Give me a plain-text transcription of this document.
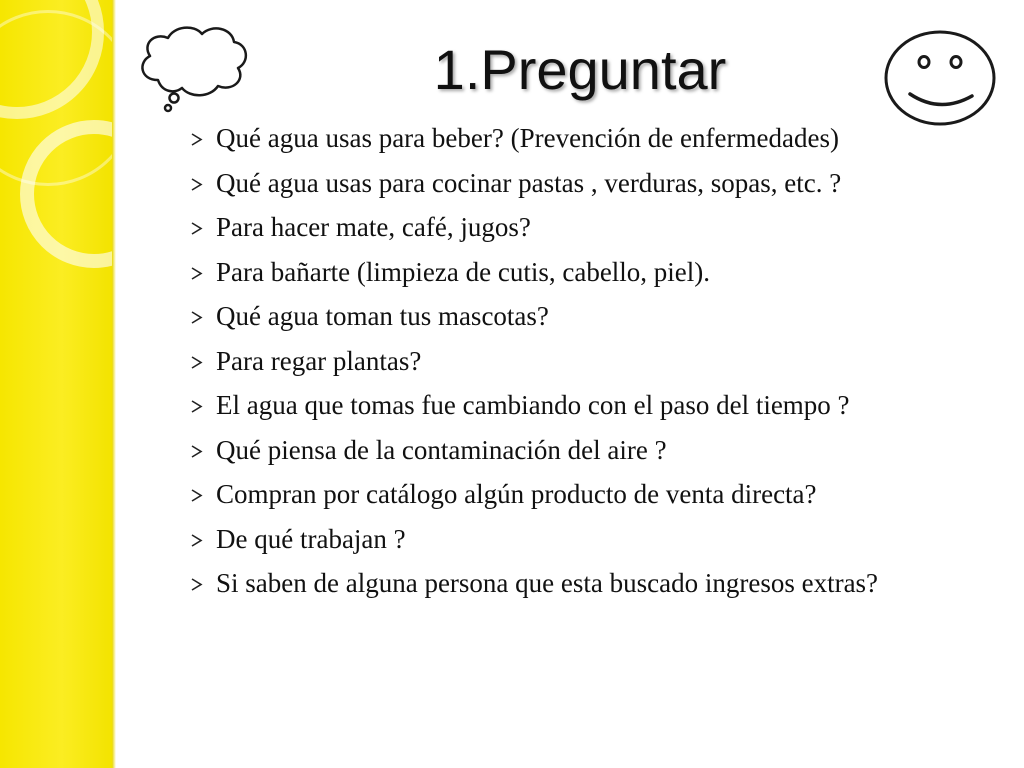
1.Preguntar
Qué agua usas para beber? (Prevención de enfermedades)
Qué agua usas para cocinar pastas , verduras, sopas, etc. ?
Para hacer mate, café, jugos?
Para bañarte (limpieza de cutis, cabello, piel).
Qué agua toman tus mascotas?
Para regar plantas?
El agua que tomas fue cambiando con el paso del tiempo ?
Qué piensa de la contaminación del aire ?
Compran por catálogo algún producto de venta directa?
De qué trabajan ?
Si saben de alguna persona que esta buscado ingresos extras?
